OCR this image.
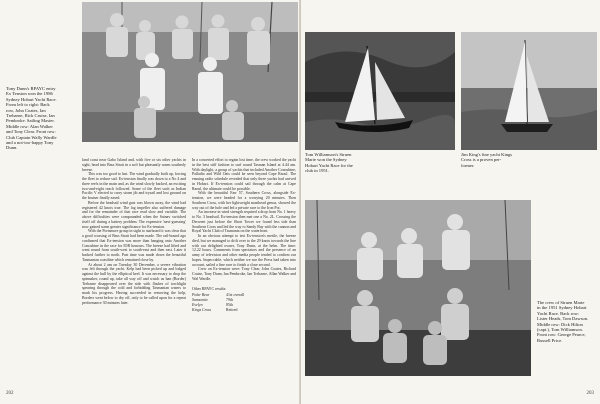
Tony Dunn's RPAYC entry
Ex Tension won the 1986
Sydney Hobart Yacht Race.
From left to right: Back
row, John Coates, Ian
Treharne, Rick Cruise, Ian
Pembroke. Sailing Master.
Middle row: Alan Walker
and Tony Clear. Front row:
Club Captain Wally Wardle
and a not-too-happy Tony
Dunn.

land coast near Gabo Island and, with five or six other yachts in sight, head into Bass Strait in a soft but pleasantly warm southerly breeze.

This was too good to last. The wind gradually built up, forcing the fleet to reduce sail. Ex-tension finally was down to a No 4 and three reefs in the main and, as the wind slowly backed, an exciting two-and-eight reach followed. Some of the fleet such as Indian Pacific V elected to carry storm jib and trysail and lost ground on the bruiser finally eased.

Before the headsail wind gust was blown away, the wind had registered 42 knots true. The log impeller also suffered damage and for the remainder of that race read slow and variable. The above difficulties were compounded when the Satnav switched itself off during a battery problem. The expensive 'navi-guessing' now gained some greater significance for Ex-tension.

With the Portsmore group in sight to starboard it was clear that a good crossing of Bass Strait had been made. The rail-bound ago confirmed that Ex-tension was more than hanging onto Another Concubine in the race for IOR honours. The breeze had lifted and went round from south-west to south-east and then east. Later it backed further to north. Past time was made down the beautiful Tasmanian coastline which remained close by.

At about 2 am on Tuesday 30 December, a severe vibration was felt through the yacht. Kelp had been picked up and lodged against the hull by the elliptical keel. It was necessary to drop the spinnaker, round up, take all way off and watch us ban (Border) Treharne disappeared over the side with flashes of torchlight spearing through the cold and forbidding Tasmanian waters to mark his progress. Having succeeded in removing the kelp, Borderr went below to dry off, only to be called upon for a repeat performance 30 minutes later.

In a concerted effort to regain lost time, the crew worked the yacht in the best stiff fashion to surf round Tasman Island at 4.44 am. With daylight, a group of yachts that included Another Concubine, Palladio and Wild Oats could be seen beyond Cape Raoul. The ensuing radio schedule revealed that only three yachts had arrived in Hobart. If Ex-tension could sail through the calm at Cape Raoul, the ultimate could be possible.

With the beautiful Farr 57, Southern Cross, alongside Ex-tension, we were headed for a worrying 20 minutes. Then Southern Cross, with her lightweight masthead genoa, showed the way out of the hole and led a private race to the Iron Pot.

An increase in wind strength required a drop from No. 1 heavy to No. 3 headsail. Ex-tension then met one a No. 2L. Crossing the Derwent just before the Short Tower we found less tide than Southern Cross and led the way to Sandy Bay with the cannon and Royal Yacht Club of Tasmania on the waterfront.

In an obvious attempt to test Ex-tension's mettle, the breeze died, but we managed to drift over to the 29 knots towards the line with our delighted owner, Tony Dunn, at the helm. The time: 12.22 hours. Comments from spectators and the presence of an army of television and other media people tended to confirm our hopes. Impeccable, which neither we nor the Press had taken into account, sailed a fine race to finish a close second.

Crew on Ex-tension were: Tony Clear, John Coates, Richard Cruise, Tony Dunn, Ian Pembroke, Ian Treharne, Allan Walker and Wal Wardle.

Other RPAYC results:

Polar Bear	41st overall
Samsonite	79th
Evelyn	85th
Kings Cross	Retired
202
Tom Williamson's Struen
Marie won the Sydney
Hobart Yacht Race for the
club in 1951.
Jim King's fine yacht Kings
Cross is a proven per-
former.
The crew of Struen Marie
in the 1951 Sydney Hobart
Yacht Race. Back row:
Lister Heads, Tom Dawson.
Middle row: Dick Hilton
(capt.), Tom Williamson.
Front row: George Pearce,
Russell Price.
203
